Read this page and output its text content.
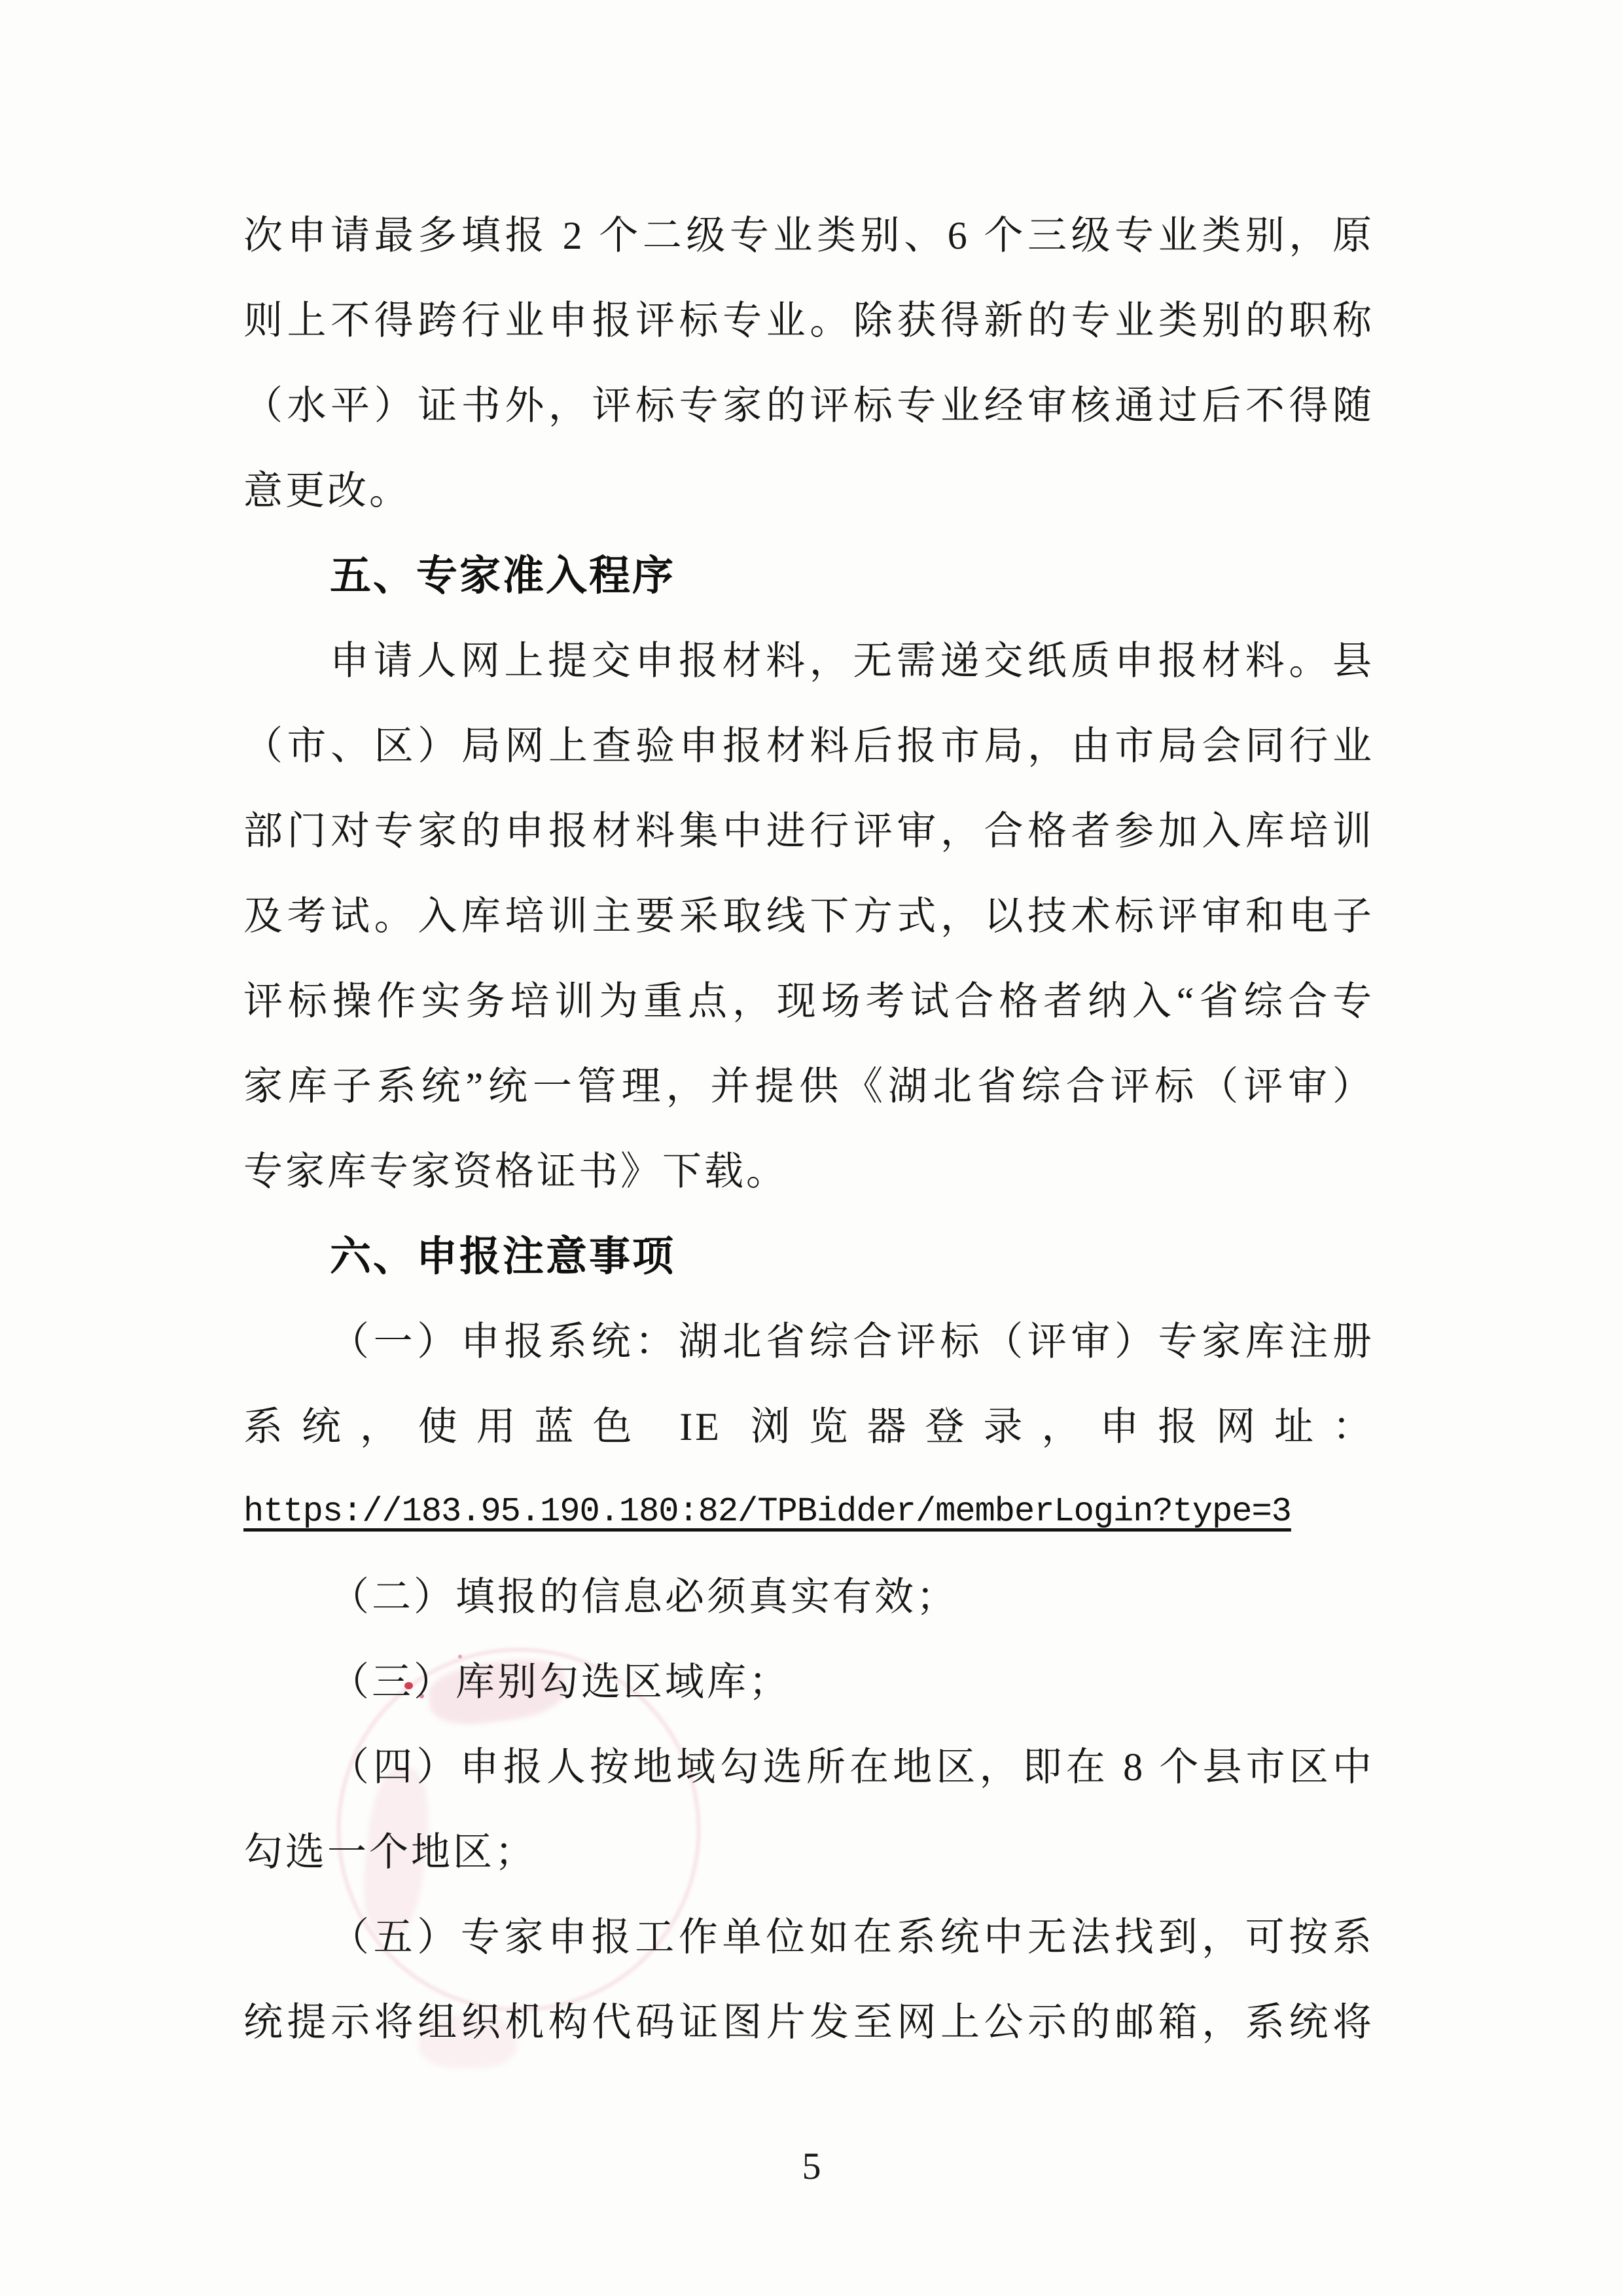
次申请最多填报 2 个二级专业类别、6 个三级专业类别，原
则上不得跨行业申报评标专业。除获得新的专业类别的职称
（水平）证书外，评标专家的评标专业经审核通过后不得随
意更改。
五、专家准入程序
申请人网上提交申报材料，无需递交纸质申报材料。县
（市、区）局网上查验申报材料后报市局，由市局会同行业
部门对专家的申报材料集中进行评审，合格者参加入库培训
及考试。入库培训主要采取线下方式，以技术标评审和电子
评标操作实务培训为重点，现场考试合格者纳入“省综合专
家库子系统”统一管理，并提供《湖北省综合评标（评审）
专家库专家资格证书》下载。
六、申报注意事项
（一）申报系统：湖北省综合评标（评审）专家库注册
系统，使用蓝色 IE 浏览器登录，申报网址：
https://183.95.190.180:82/TPBidder/memberLogin?type=3
（二）填报的信息必须真实有效；
（三）库别勾选区域库；
（四）申报人按地域勾选所在地区，即在 8 个县市区中
勾选一个地区；
（五）专家申报工作单位如在系统中无法找到，可按系
统提示将组织机构代码证图片发至网上公示的邮箱，系统将
5
